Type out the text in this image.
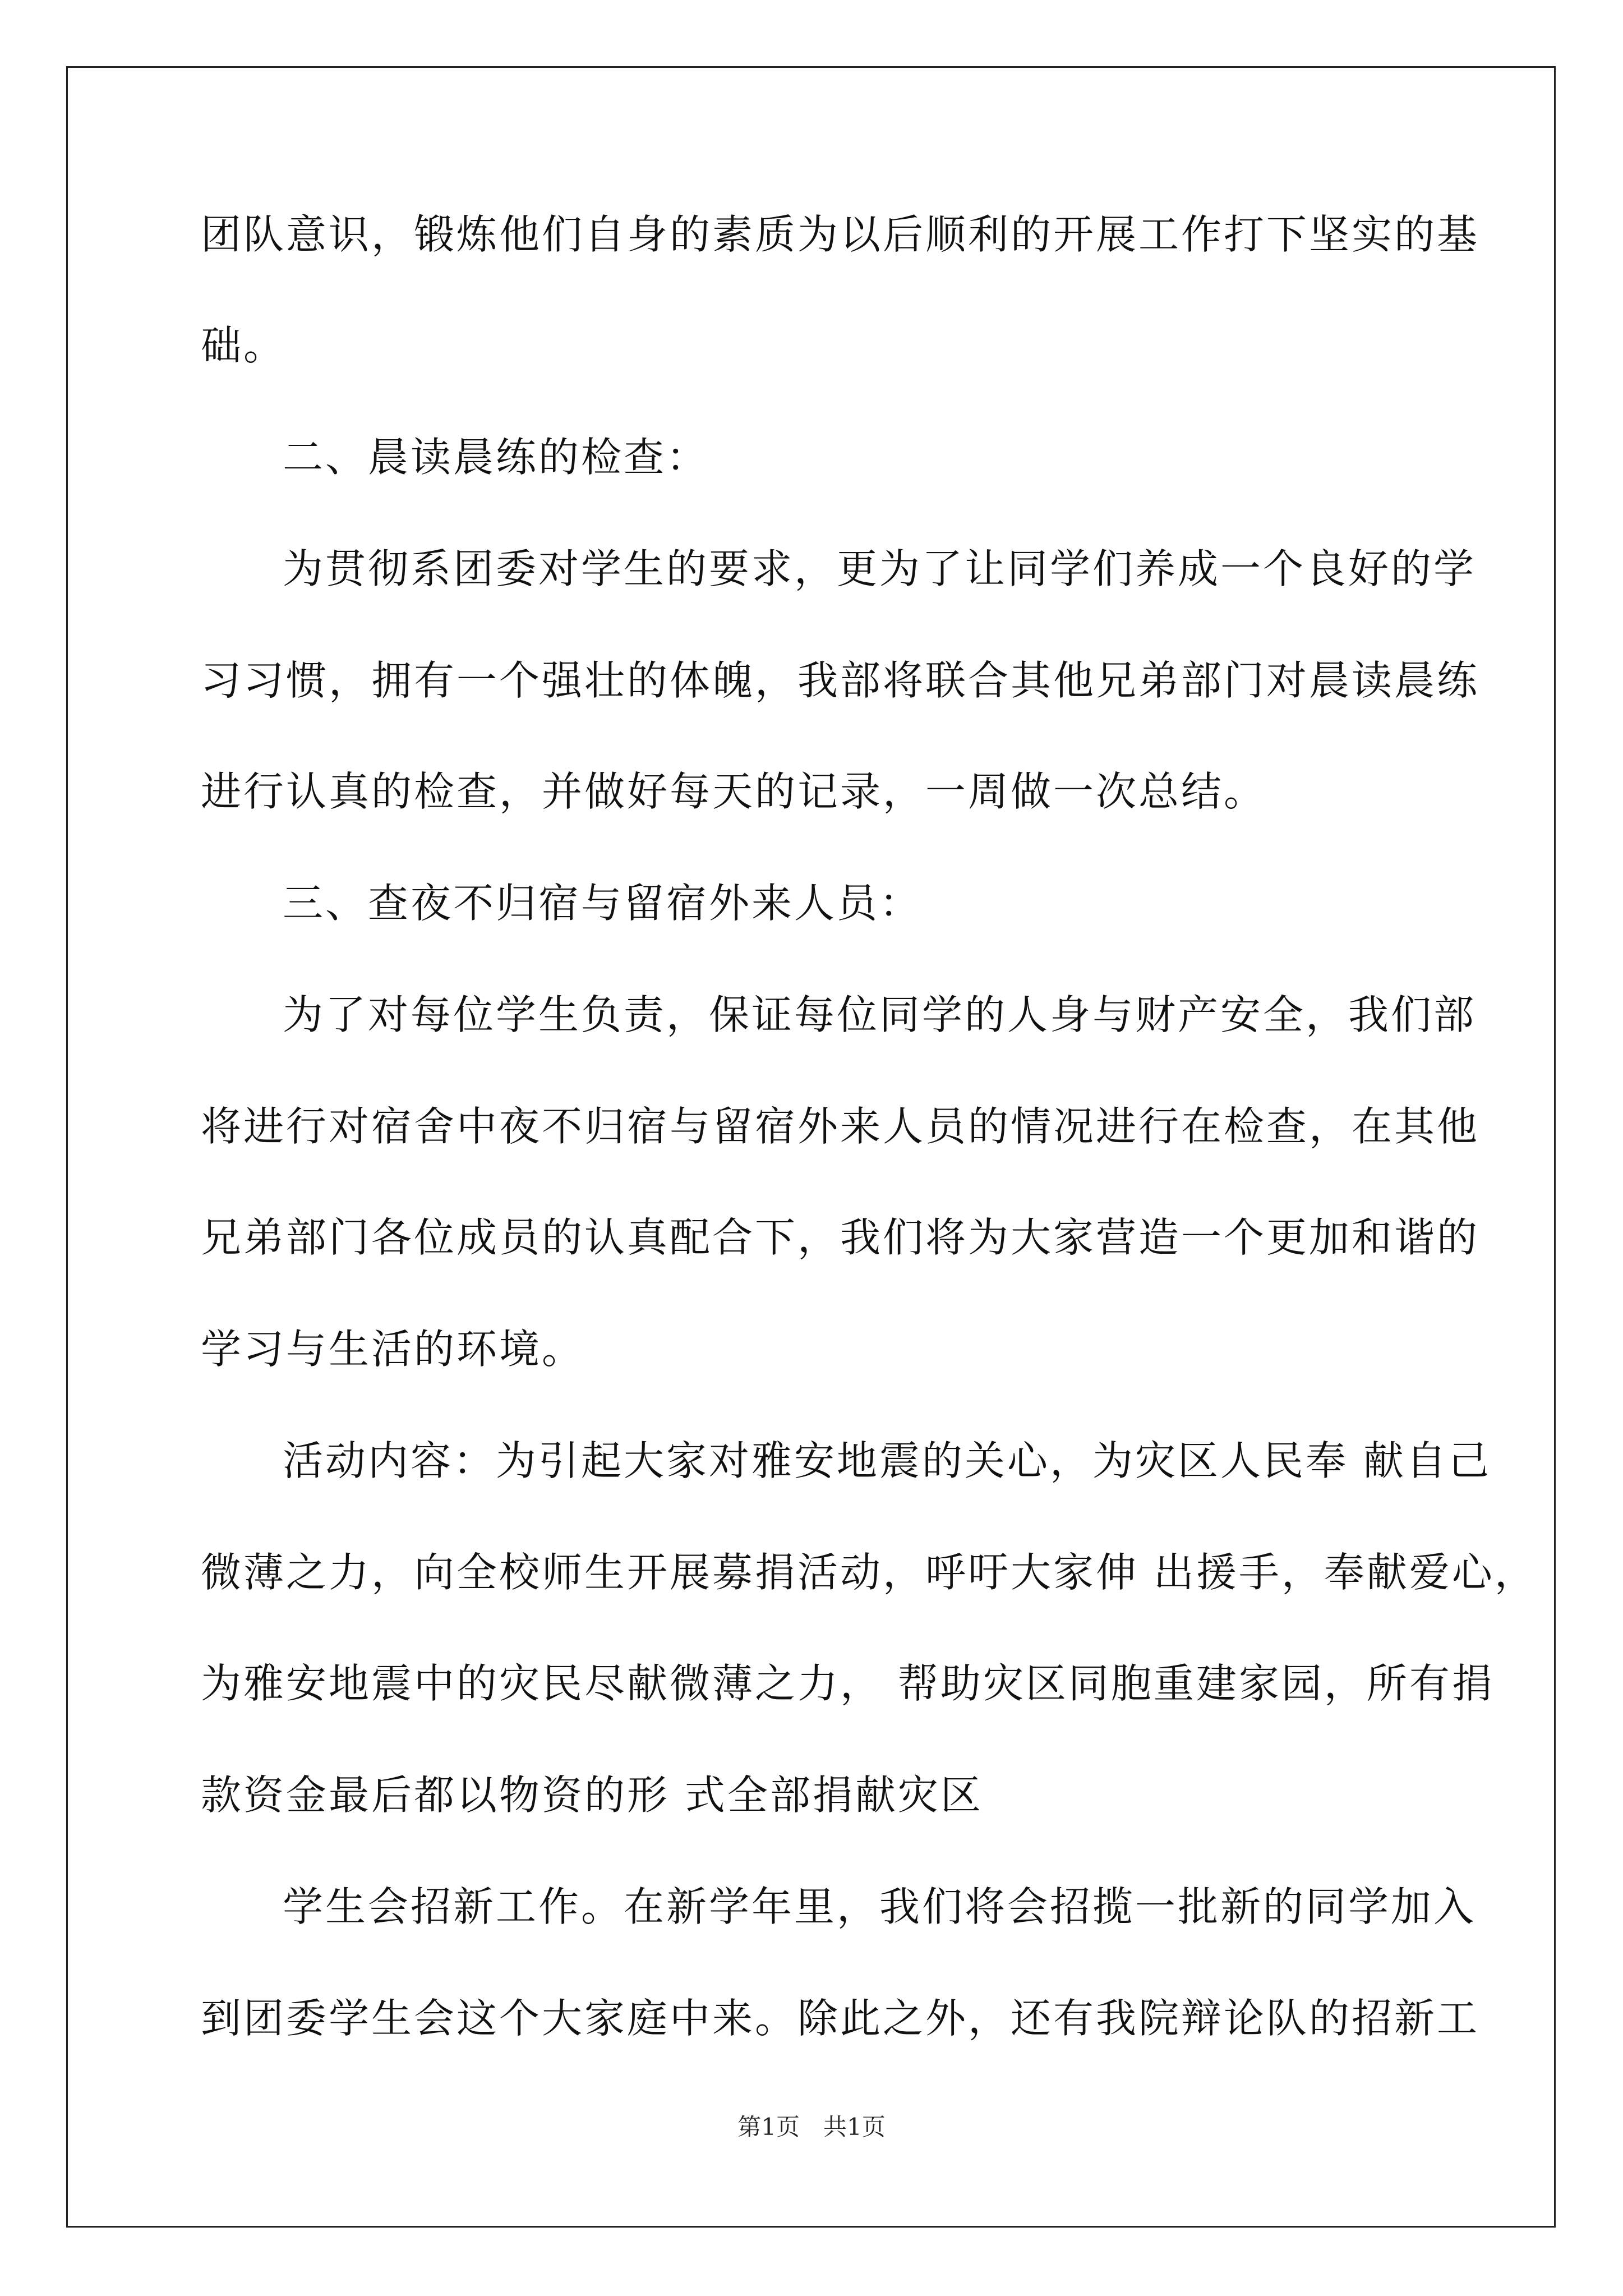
团队意识，锻炼他们自身的素质为以后顺利的开展工作打下坚实的基
础。
二、晨读晨练的检查：
为贯彻系团委对学生的要求，更为了让同学们养成一个良好的学
习习惯，拥有一个强壮的体魄，我部将联合其他兄弟部门对晨读晨练
进行认真的检查，并做好每天的记录，一周做一次总结。
三、查夜不归宿与留宿外来人员：
为了对每位学生负责，保证每位同学的人身与财产安全，我们部
将进行对宿舍中夜不归宿与留宿外来人员的情况进行在检查，在其他
兄弟部门各位成员的认真配合下，我们将为大家营造一个更加和谐的
学习与生活的环境。
活动内容：为引起大家对雅安地震的关心，为灾区人民奉 献自己
微薄之力，向全校师生开展募捐活动，呼吁大家伸 出援手，奉献爱心，
为雅安地震中的灾民尽献微薄之力， 帮助灾区同胞重建家园，所有捐
款资金最后都以物资的形 式全部捐献灾区
学生会招新工作。在新学年里，我们将会招揽一批新的同学加入
到团委学生会这个大家庭中来。除此之外，还有我院辩论队的招新工
第1页　共1页
